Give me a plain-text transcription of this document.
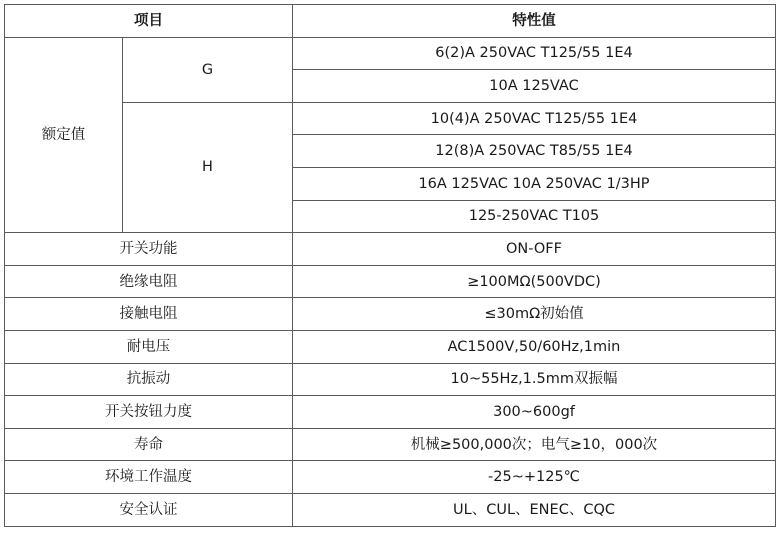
项目		特性值
额定值	G	6(2)A 250VAC T125/55 1E4
		10A 125VAC
	H	10(4)A 250VAC T125/55 1E4
		12(8)A 250VAC T85/55 1E4
		16A 125VAC 10A 250VAC 1/3HP
		125-250VAC T105
开关功能		ON-OFF
绝缘电阻		≥100MΩ(500VDC)
接触电阻		≤30mΩ初始值
耐电压		AC1500V,50/60Hz,1min
抗振动		10~55Hz,1.5mm双振幅
开关按钮力度		300~600gf
寿命		机械≥500,000次；电气≥10，000次
环境工作温度		-25~+125℃
安全认证		UL、CUL、ENEC、CQC
